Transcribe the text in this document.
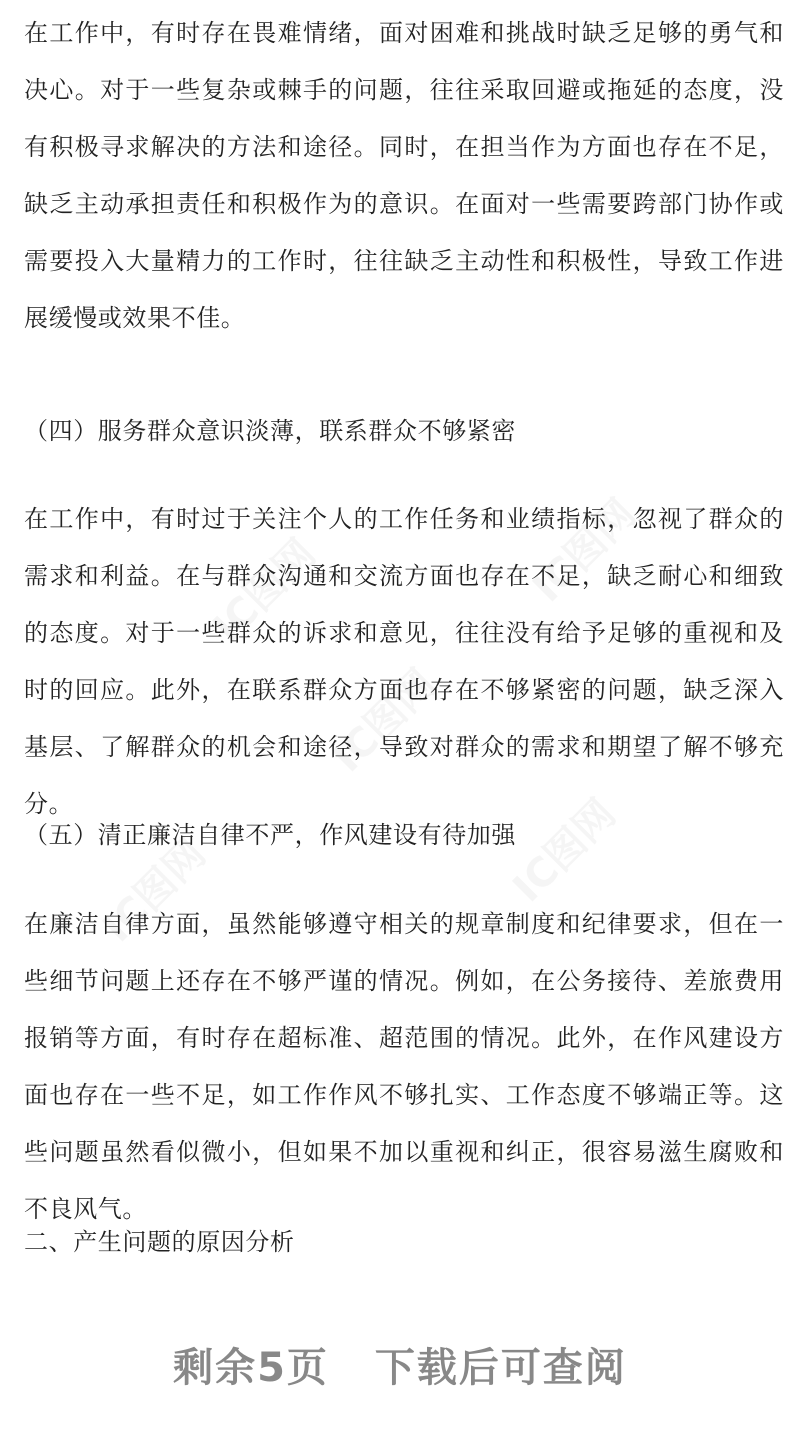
IC图网	IC图网
IC图网
IC图网	IC图网

在工作中，有时存在畏难情绪，面对困难和挑战时缺乏足够的勇气和决心。对于一些复杂或棘手的问题，往往采取回避或拖延的态度，没有积极寻求解决的方法和途径。同时，在担当作为方面也存在不足，缺乏主动承担责任和积极作为的意识。在面对一些需要跨部门协作或需要投入大量精力的工作时，往往缺乏主动性和积极性，导致工作进展缓慢或效果不佳。

（四）服务群众意识淡薄，联系群众不够紧密

在工作中，有时过于关注个人的工作任务和业绩指标，忽视了群众的需求和利益。在与群众沟通和交流方面也存在不足，缺乏耐心和细致的态度。对于一些群众的诉求和意见，往往没有给予足够的重视和及时的回应。此外，在联系群众方面也存在不够紧密的问题，缺乏深入基层、了解群众的机会和途径，导致对群众的需求和期望了解不够充分。

（五）清正廉洁自律不严，作风建设有待加强

在廉洁自律方面，虽然能够遵守相关的规章制度和纪律要求，但在一些细节问题上还存在不够严谨的情况。例如，在公务接待、差旅费用报销等方面，有时存在超标准、超范围的情况。此外，在作风建设方面也存在一些不足，如工作作风不够扎实、工作态度不够端正等。这些问题虽然看似微小，但如果不加以重视和纠正，很容易滋生腐败和不良风气。

二、产生问题的原因分析
剩余5页 下载后可查阅
